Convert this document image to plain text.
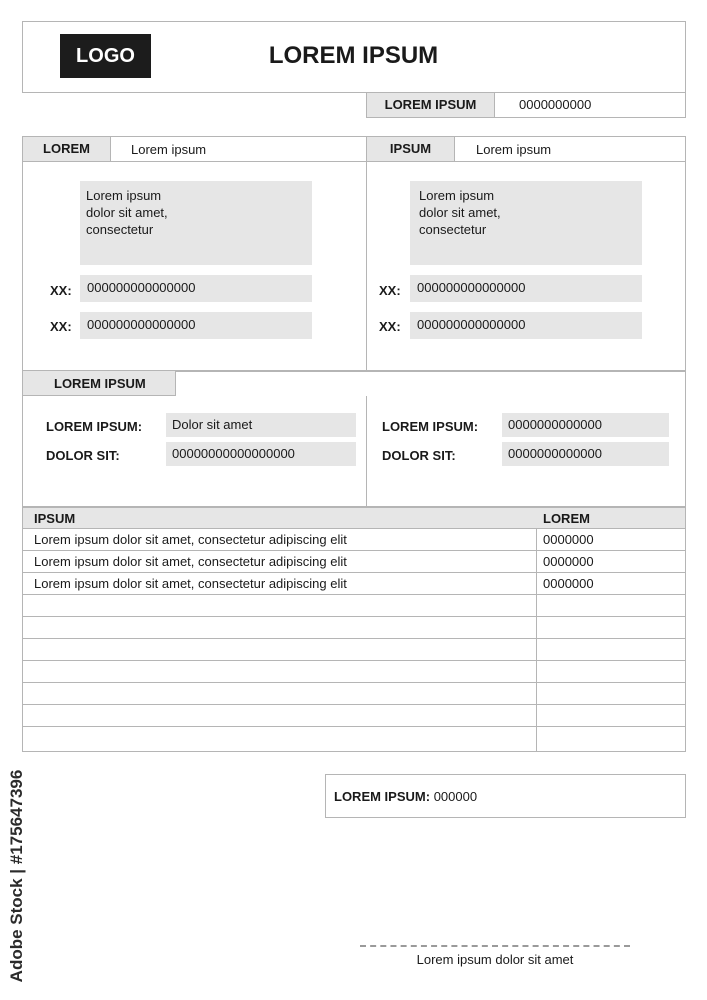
LOGO	LOREM IPSUM
LOREM IPSUM	0000000000
LOREM	Lorem ipsum
Lorem ipsum
dolor sit amet,
consectetur
XX:	000000000000000
XX:	000000000000000
IPSUM	Lorem ipsum
Lorem ipsum
dolor sit amet,
consectetur
XX:	000000000000000
XX:	000000000000000
LOREM IPSUM
LOREM IPSUM:	Dolor sit amet
DOLOR SIT:	00000000000000000
LOREM IPSUM:	0000000000000
DOLOR SIT:	0000000000000
IPSUM	LOREM
Lorem ipsum dolor sit amet, consectetur adipiscing elit	0000000
Lorem ipsum dolor sit amet, consectetur adipiscing elit	0000000
Lorem ipsum dolor sit amet, consectetur adipiscing elit	0000000
LOREM IPSUM: 000000
Lorem ipsum dolor sit amet
Adobe Stock | #175647396
